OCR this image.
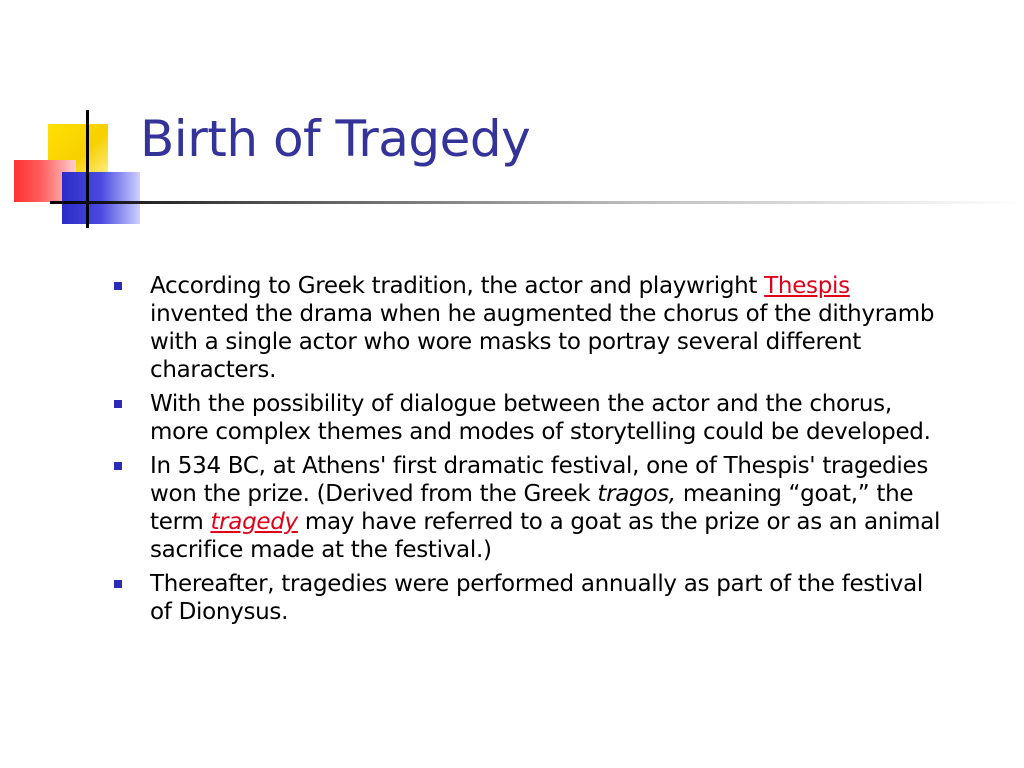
Birth of Tragedy
According to Greek tradition, the actor and playwright Thespis invented the drama when he augmented the chorus of the dithyramb with a single actor who wore masks to portray several different characters.
With the possibility of dialogue between the actor and the chorus, more complex themes and modes of storytelling could be developed.
In 534 BC, at Athens' first dramatic festival, one of Thespis' tragedies won the prize. (Derived from the Greek tragos, meaning “goat,” the term tragedy may have referred to a goat as the prize or as an animal sacrifice made at the festival.)
Thereafter, tragedies were performed annually as part of the festival of Dionysus.
